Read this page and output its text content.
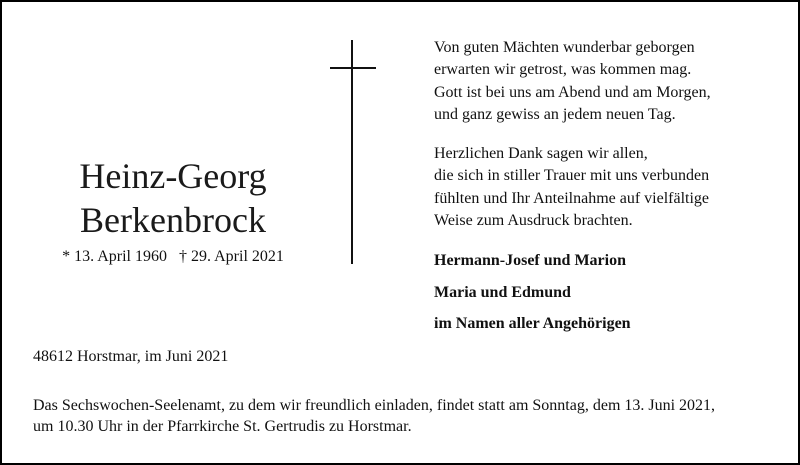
Heinz-Georg
Berkenbrock
* 13. April 1960 † 29. April 2021
Von guten Mächten wunderbar geborgen
erwarten wir getrost, was kommen mag.
Gott ist bei uns am Abend und am Morgen,
und ganz gewiss an jedem neuen Tag.
Herzlichen Dank sagen wir allen,
die sich in stiller Trauer mit uns verbunden
fühlten und Ihr Anteilnahme auf vielfältige
Weise zum Ausdruck brachten.
Hermann-Josef und Marion
Maria und Edmund
im Namen aller Angehörigen
48612 Horstmar, im Juni 2021
Das Sechswochen-Seelenamt, zu dem wir freundlich einladen, findet statt am Sonntag, dem 13. Juni 2021,
um 10.30 Uhr in der Pfarrkirche St. Gertrudis zu Horstmar.
